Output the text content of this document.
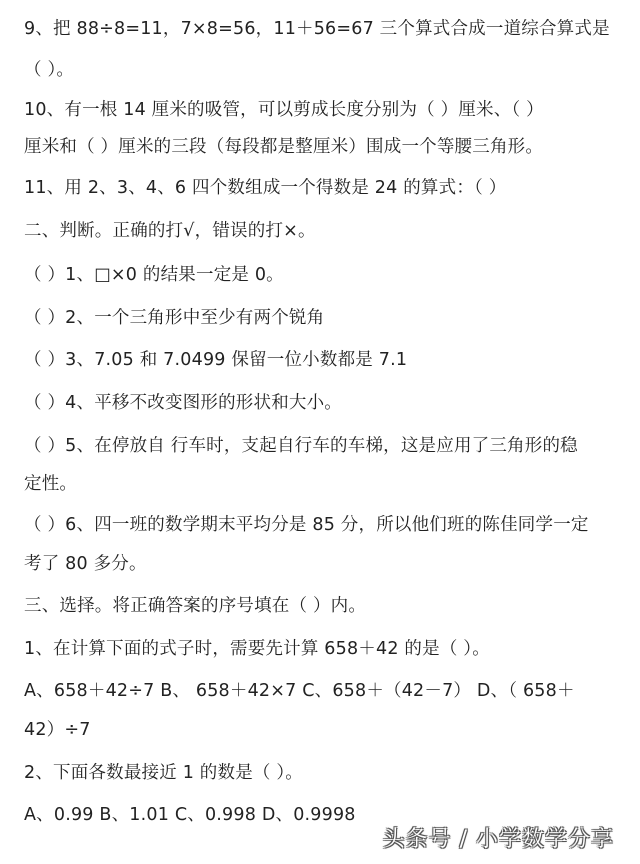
9、把 88÷8=11，7×8=56，11＋56=67 三个算式合成一道综合算式是
（ ）。
10、有一根 14 厘米的吸管，可以剪成长度分别为（ ）厘米、（ ）
厘米和（ ）厘米的三段（每段都是整厘米）围成一个等腰三角形。
11、用 2、3、4、6 四个数组成一个得数是 24 的算式：（ ）
二、判断。正确的打√，错误的打×。
（ ）1、□×0 的结果一定是 0。
（ ）2、一个三角形中至少有两个锐角
（ ）3、7.05 和 7.0499 保留一位小数都是 7.1
（ ）4、平移不改变图形的形状和大小。
（ ）5、在停放自 行车时，支起自行车的车梯，这是应用了三角形的稳
定性。
（ ）6、四一班的数学期末平均分是 85 分，所以他们班的陈佳同学一定
考了 80 多分。
三、选择。将正确答案的序号填在（ ）内。
1、在计算下面的式子时，需要先计算 658＋42 的是（ ）。
A、658＋42÷7 B、 658＋42×7 C、658＋（42－7） D、（ 658＋
42）÷7
2、下面各数最接近 1 的数是（ ）。
A、0.99 B、1.01 C、0.998 D、0.9998
头条号 / 小学数学分享
